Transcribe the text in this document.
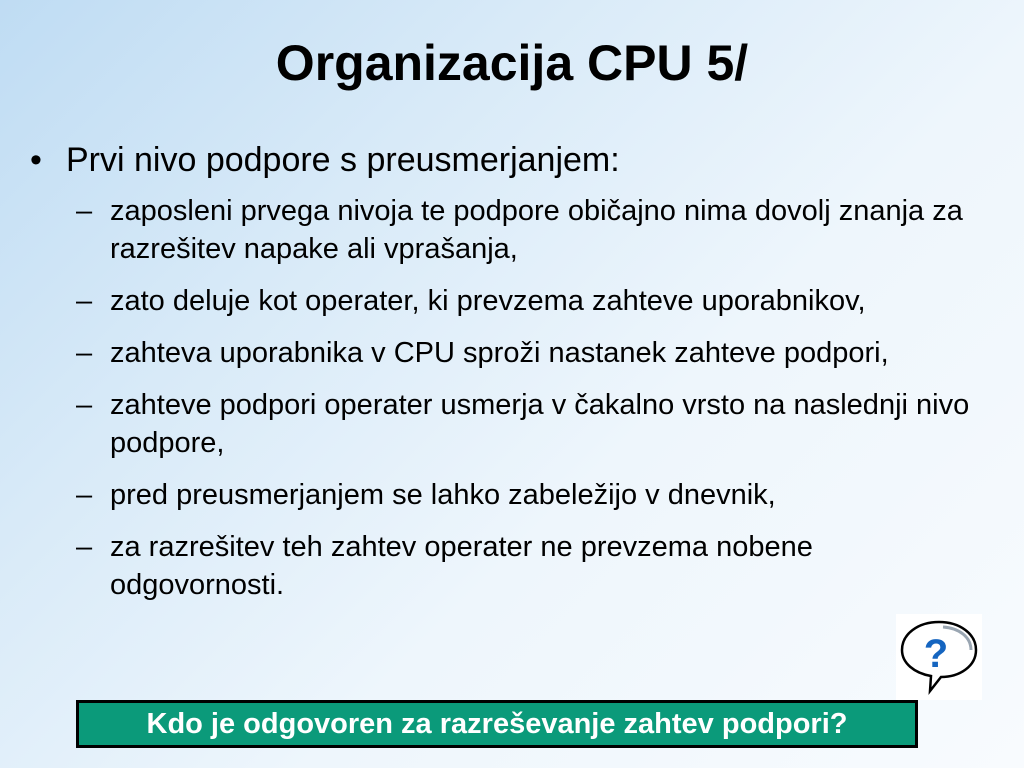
Organizacija CPU 5/
• Prvi nivo podpore s preusmerjanjem:
– zaposleni prvega nivoja te podpore običajno nima dovolj znanja za razrešitev napake ali vprašanja,
– zato deluje kot operater, ki prevzema zahteve uporabnikov,
– zahteva uporabnika v CPU sproži nastanek zahteve podpori,
– zahteve podpori operater usmerja v čakalno vrsto na naslednji nivo podpore,
– pred preusmerjanjem se lahko zabeležijo v dnevnik,
– za razrešitev teh zahtev operater ne prevzema nobene odgovornosti.
?
Kdo je odgovoren za razreševanje zahtev podpori?
